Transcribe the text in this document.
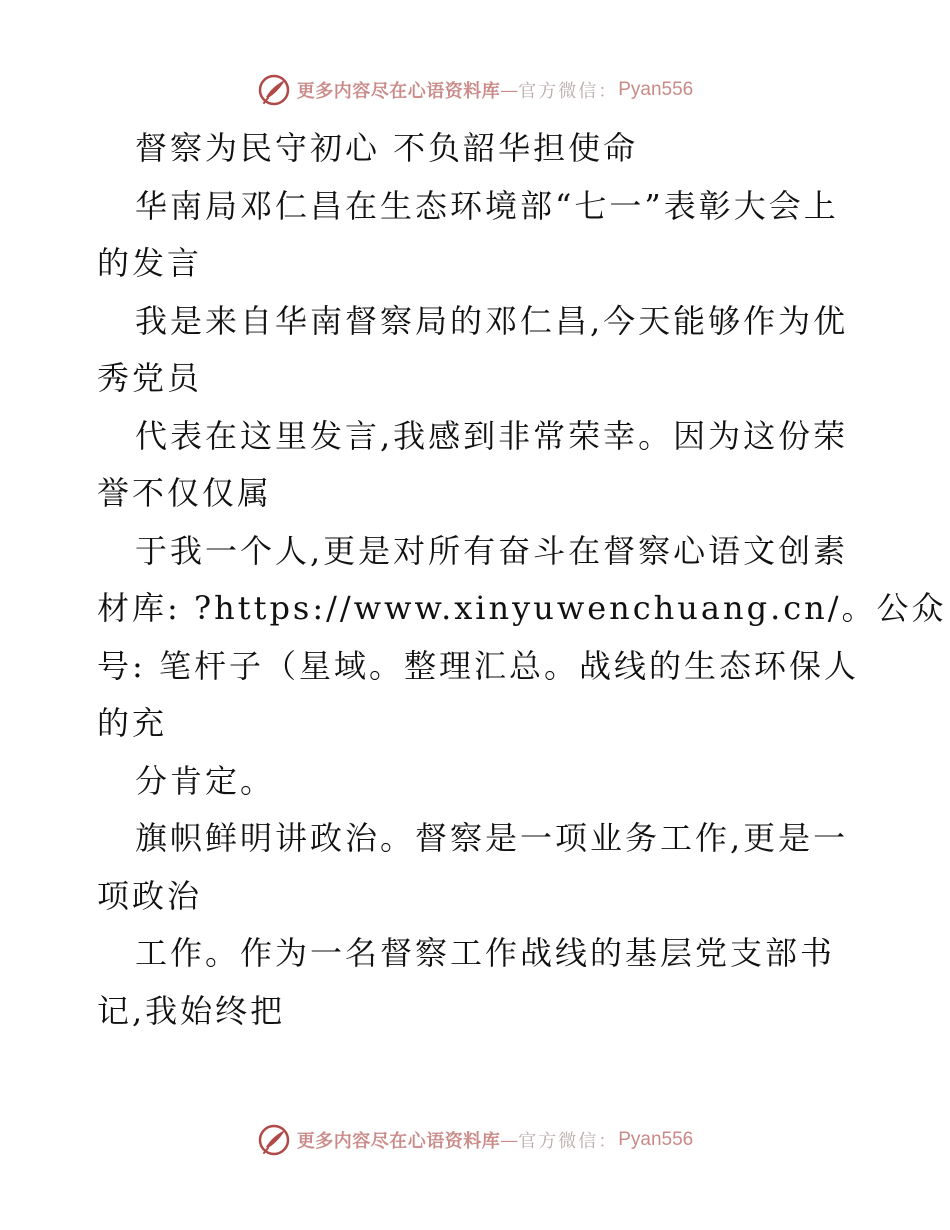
更多内容尽在心语资料库 — 官方微信： Pyan556
督察为民守初心 不负韶华担使命
华南局邓仁昌在生态环境部“七一”表彰大会上
的发言
我是来自华南督察局的邓仁昌,今天能够作为优
秀党员
代表在这里发言,我感到非常荣幸。因为这份荣
誉不仅仅属
于我一个人,更是对所有奋斗在督察心语文创素
材库: ?https://www.xinyuwenchuang.cn/。公众
号: 笔杆子（星域。整理汇总。战线的生态环保人
的充
分肯定。
旗帜鲜明讲政治。督察是一项业务工作,更是一
项政治
工作。作为一名督察工作战线的基层党支部书
记,我始终把
更多内容尽在心语资料库 — 官方微信： Pyan556
